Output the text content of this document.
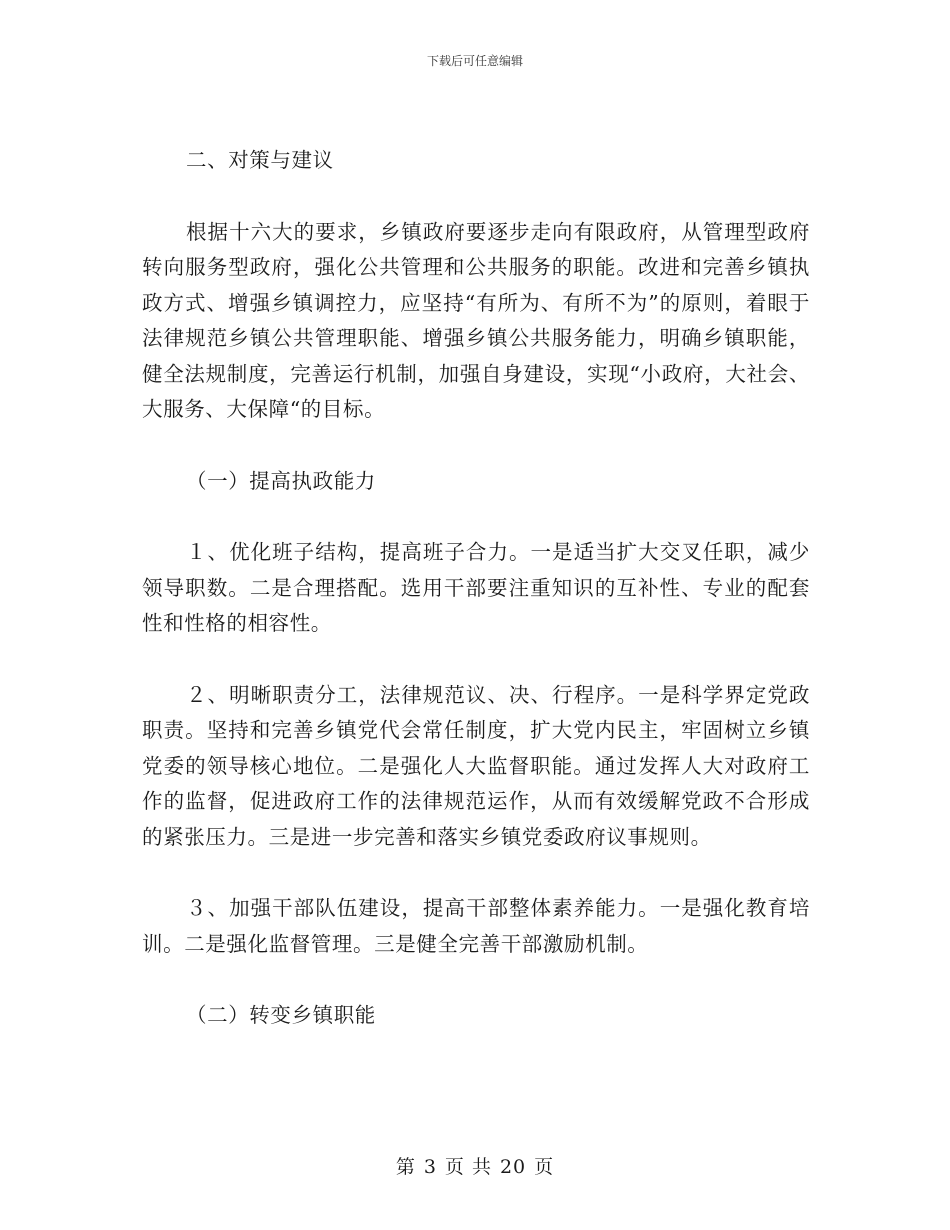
下载后可任意编辑

二、对策与建议

根据十六大的要求，乡镇政府要逐步走向有限政府，从管理型政府转向服务型政府，强化公共管理和公共服务的职能。改进和完善乡镇执政方式、增强乡镇调控力，应坚持“有所为、有所不为”的原则，着眼于法律规范乡镇公共管理职能、增强乡镇公共服务能力，明确乡镇职能，健全法规制度，完善运行机制，加强自身建设，实现“小政府，大社会、大服务、大保障“的目标。

（一）提高执政能力

１、优化班子结构，提高班子合力。一是适当扩大交叉任职，减少领导职数。二是合理搭配。选用干部要注重知识的互补性、专业的配套性和性格的相容性。

２、明晰职责分工，法律规范议、决、行程序。一是科学界定党政职责。坚持和完善乡镇党代会常任制度，扩大党内民主，牢固树立乡镇党委的领导核心地位。二是强化人大监督职能。通过发挥人大对政府工作的监督，促进政府工作的法律规范运作，从而有效缓解党政不合形成的紧张压力。三是进一步完善和落实乡镇党委政府议事规则。

３、加强干部队伍建设，提高干部整体素养能力。一是强化教育培训。二是强化监督管理。三是健全完善干部激励机制。

（二）转变乡镇职能

第 3 页 共 20 页
